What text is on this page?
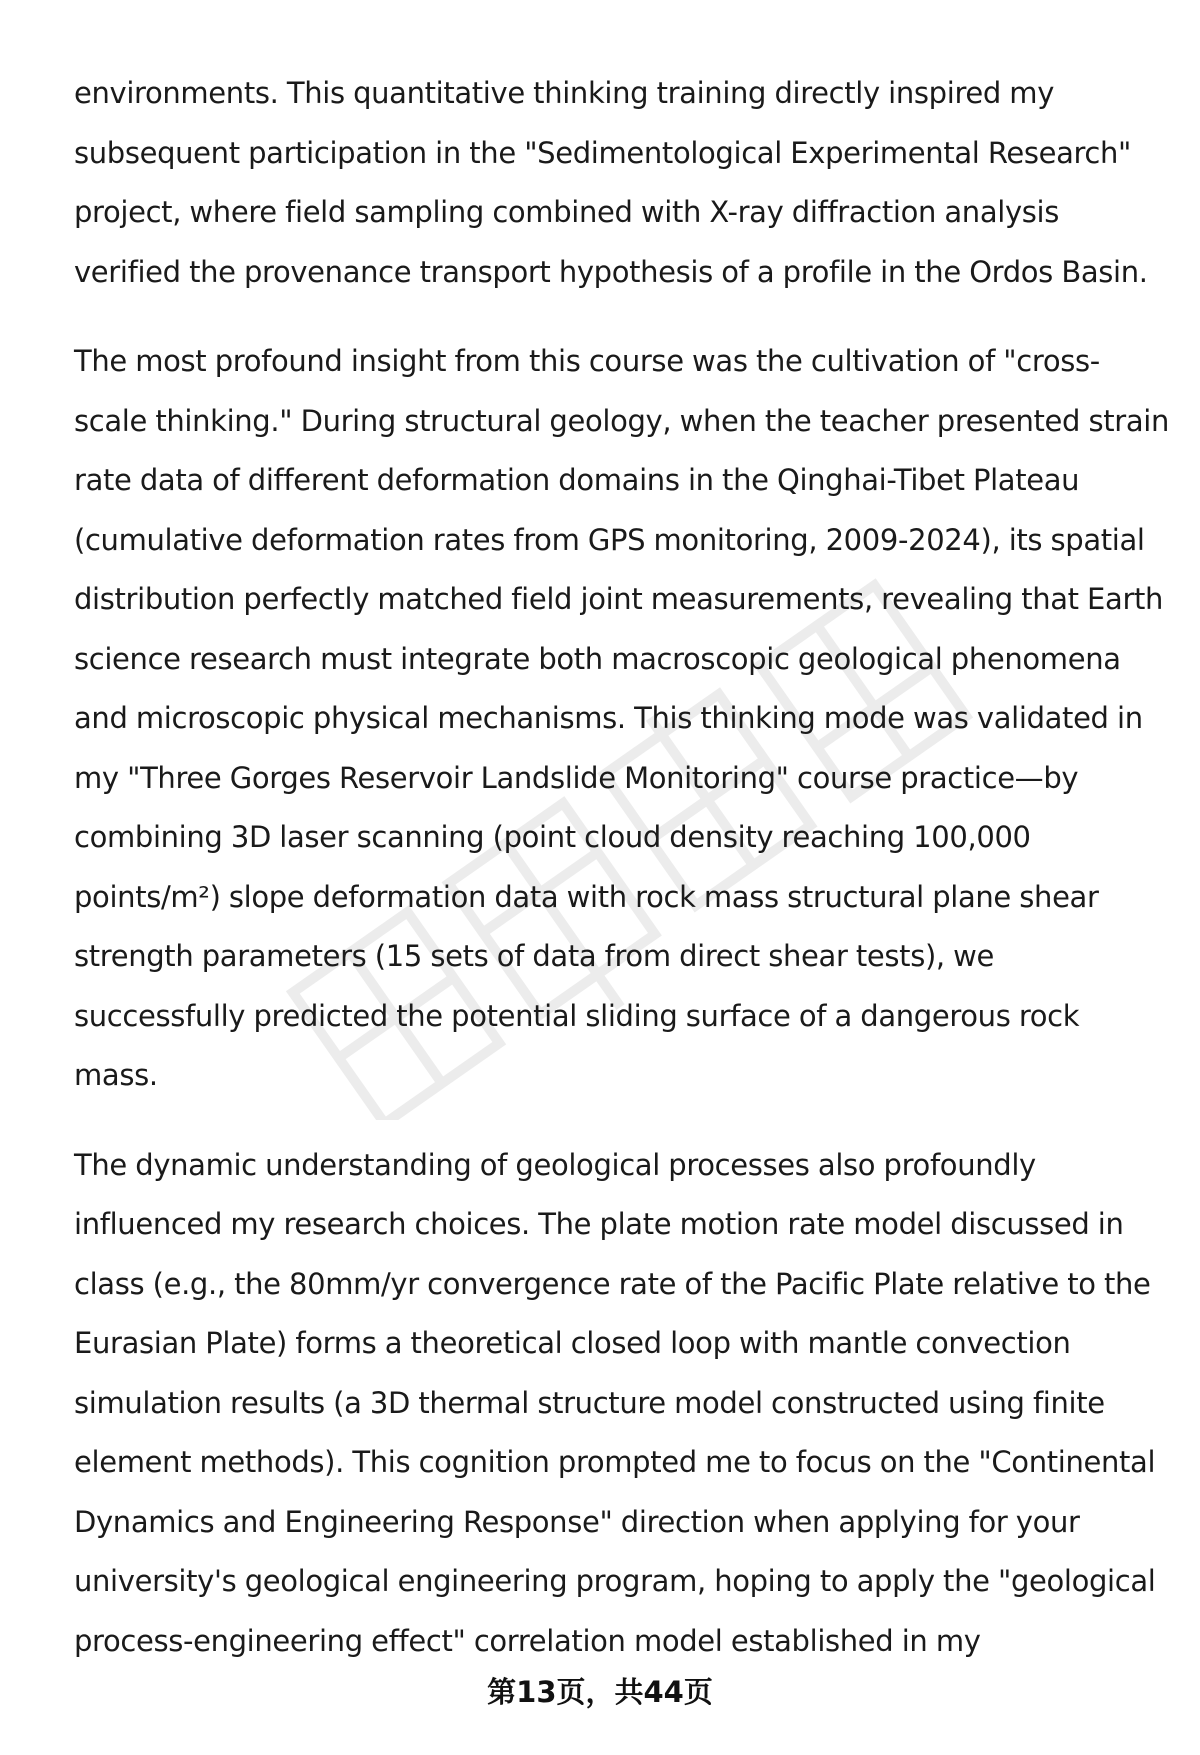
environments. This quantitative thinking training directly inspired my subsequent participation in the "Sedimentological Experimental Research" project, where field sampling combined with X-ray diffraction analysis verified the provenance transport hypothesis of a profile in the Ordos Basin.

The most profound insight from this course was the cultivation of "cross-scale thinking." During structural geology, when the teacher presented strain rate data of different deformation domains in the Qinghai-Tibet Plateau (cumulative deformation rates from GPS monitoring, 2009-2024), its spatial distribution perfectly matched field joint measurements, revealing that Earth science research must integrate both macroscopic geological phenomena and microscopic physical mechanisms. This thinking mode was validated in my "Three Gorges Reservoir Landslide Monitoring" course practice—by combining 3D laser scanning (point cloud density reaching 100,000 points/m²) slope deformation data with rock mass structural plane shear strength parameters (15 sets of data from direct shear tests), we successfully predicted the potential sliding surface of a dangerous rock mass.

The dynamic understanding of geological processes also profoundly influenced my research choices. The plate motion rate model discussed in class (e.g., the 80mm/yr convergence rate of the Pacific Plate relative to the Eurasian Plate) forms a theoretical closed loop with mantle convection simulation results (a 3D thermal structure model constructed using finite element methods). This cognition prompted me to focus on the "Continental Dynamics and Engineering Response" direction when applying for your university's geological engineering program, hoping to apply the "geological process-engineering effect" correlation model established in my

第13页，共44页
